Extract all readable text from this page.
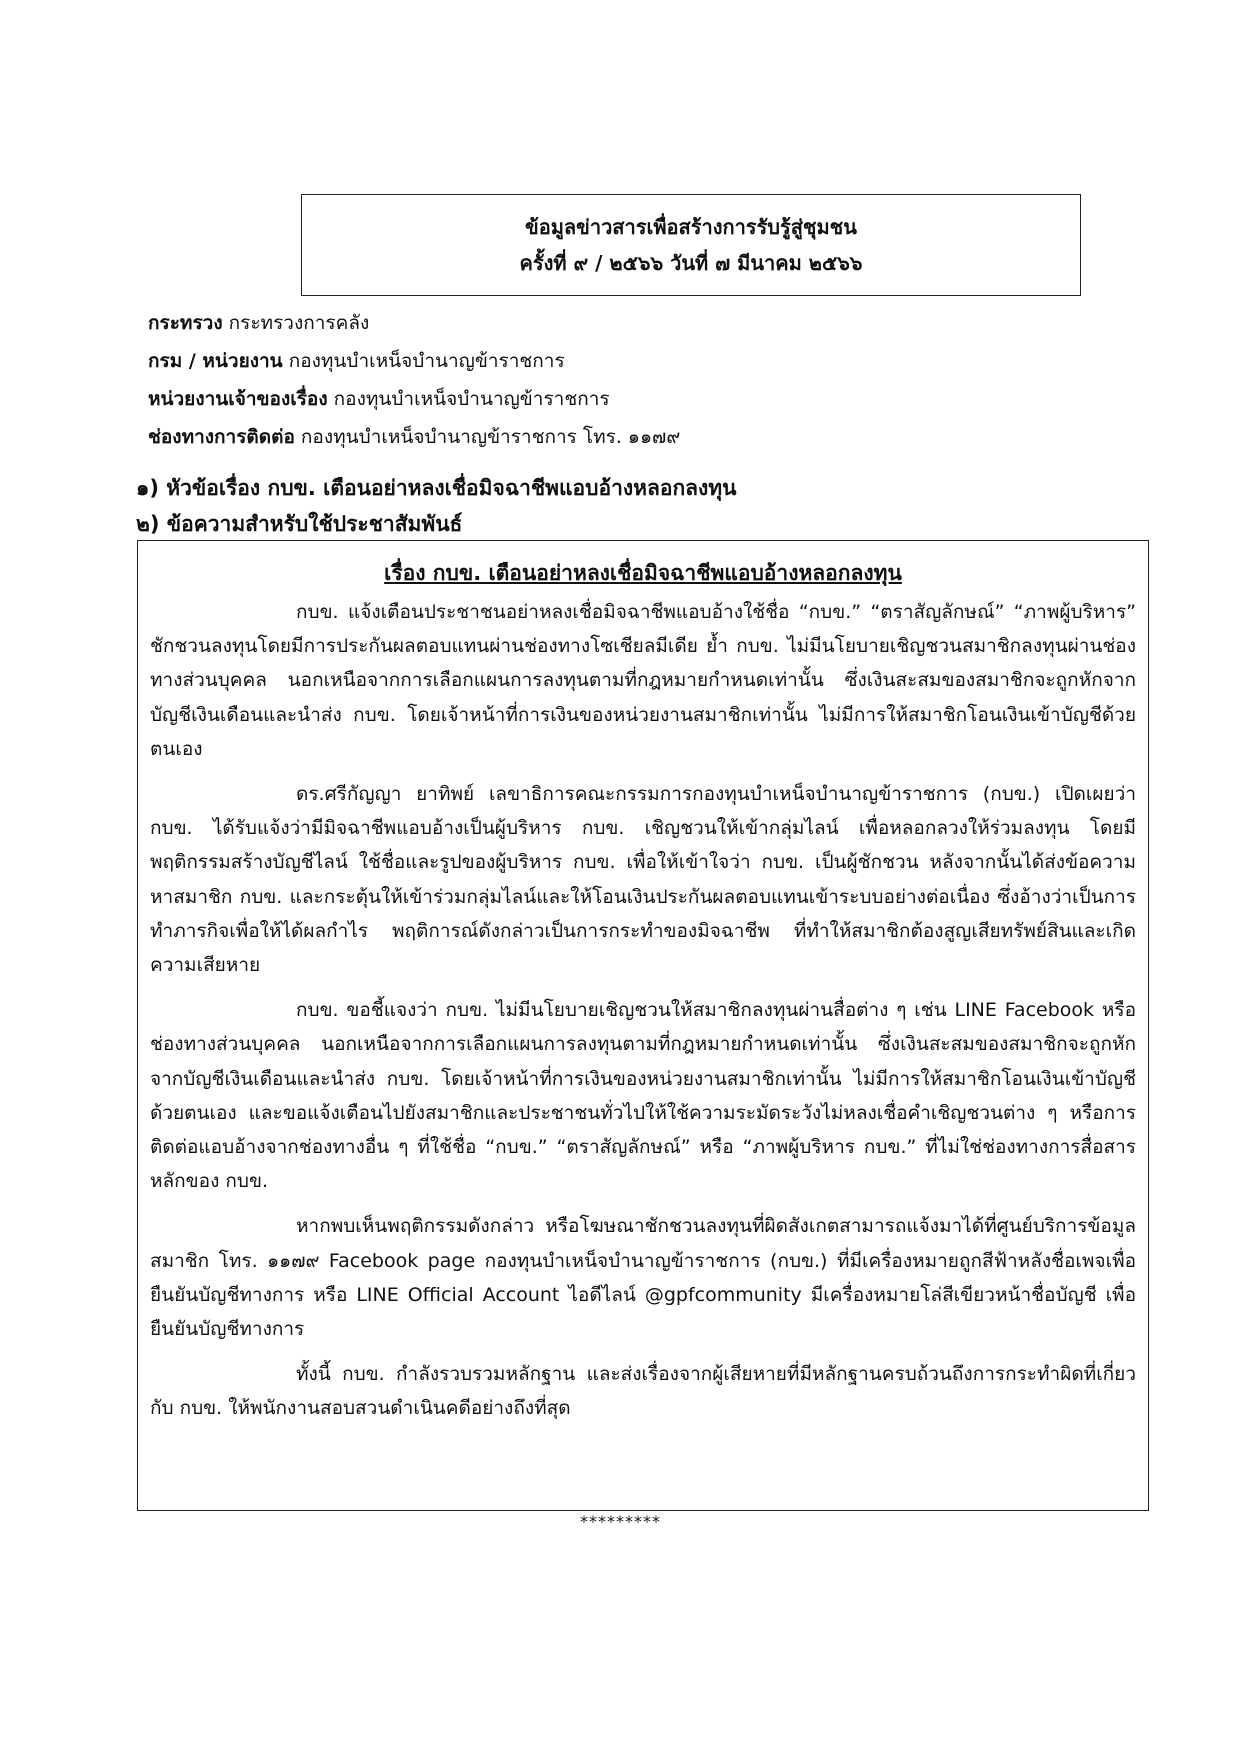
ข้อมูลข่าวสารเพื่อสร้างการรับรู้สู่ชุมชน
ครั้งที่ ๙ / ๒๕๖๖ วันที่ ๗ มีนาคม ๒๕๖๖
กระทรวง กระทรวงการคลัง
กรม / หน่วยงาน กองทุนบำเหน็จบำนาญข้าราชการ
หน่วยงานเจ้าของเรื่อง กองทุนบำเหน็จบำนาญข้าราชการ
ช่องทางการติดต่อ กองทุนบำเหน็จบำนาญข้าราชการ โทร. ๑๑๗๙
๑) หัวข้อเรื่อง กบข. เตือนอย่าหลงเชื่อมิจฉาชีพแอบอ้างหลอกลงทุน
๒) ข้อความสำหรับใช้ประชาสัมพันธ์
เรื่อง กบข. เตือนอย่าหลงเชื่อมิจฉาชีพแอบอ้างหลอกลงทุน

กบข. แจ้งเตือนประชาชนอย่าหลงเชื่อมิจฉาชีพแอบอ้างใช้ชื่อ “กบข.” “ตราสัญลักษณ์” “ภาพผู้บริหาร” ชักชวนลงทุนโดยมีการประกันผลตอบแทนผ่านช่องทางโซเชียลมีเดีย ย้ำ กบข. ไม่มีนโยบายเชิญชวนสมาชิกลงทุนผ่านช่องทางส่วนบุคคล นอกเหนือจากการเลือกแผนการลงทุนตามที่กฎหมายกำหนดเท่านั้น ซึ่งเงินสะสมของสมาชิกจะถูกหักจากบัญชีเงินเดือนและนำส่ง กบข. โดยเจ้าหน้าที่การเงินของหน่วยงานสมาชิกเท่านั้น ไม่มีการให้สมาชิกโอนเงินเข้าบัญชีด้วยตนเอง

ดร.ศรีกัญญา ยาทิพย์ เลขาธิการคณะกรรมการกองทุนบำเหน็จบำนาญข้าราชการ (กบข.) เปิดเผยว่า กบข. ได้รับแจ้งว่ามีมิจฉาชีพแอบอ้างเป็นผู้บริหาร กบข. เชิญชวนให้เข้ากลุ่มไลน์ เพื่อหลอกลวงให้ร่วมลงทุน โดยมีพฤติกรรมสร้างบัญชีไลน์ ใช้ชื่อและรูปของผู้บริหาร กบข. เพื่อให้เข้าใจว่า กบข. เป็นผู้ชักชวน หลังจากนั้นได้ส่งข้อความหาสมาชิก กบข. และกระตุ้นให้เข้าร่วมกลุ่มไลน์และให้โอนเงินประกันผลตอบแทนเข้าระบบอย่างต่อเนื่อง ซึ่งอ้างว่าเป็นการทำภารกิจเพื่อให้ได้ผลกำไร พฤติการณ์ดังกล่าวเป็นการกระทำของมิจฉาชีพ ที่ทำให้สมาชิกต้องสูญเสียทรัพย์สินและเกิดความเสียหาย

กบข. ขอชี้แจงว่า กบข. ไม่มีนโยบายเชิญชวนให้สมาชิกลงทุนผ่านสื่อต่าง ๆ เช่น LINE Facebook หรือช่องทางส่วนบุคคล นอกเหนือจากการเลือกแผนการลงทุนตามที่กฎหมายกำหนดเท่านั้น ซึ่งเงินสะสมของสมาชิกจะถูกหักจากบัญชีเงินเดือนและนำส่ง กบข. โดยเจ้าหน้าที่การเงินของหน่วยงานสมาชิกเท่านั้น ไม่มีการให้สมาชิกโอนเงินเข้าบัญชีด้วยตนเอง และขอแจ้งเตือนไปยังสมาชิกและประชาชนทั่วไปให้ใช้ความระมัดระวังไม่หลงเชื่อคำเชิญชวนต่าง ๆ หรือการติดต่อแอบอ้างจากช่องทางอื่น ๆ ที่ใช้ชื่อ “กบข.” “ตราสัญลักษณ์” หรือ “ภาพผู้บริหาร กบข.” ที่ไม่ใช่ช่องทางการสื่อสารหลักของ กบข.

หากพบเห็นพฤติกรรมดังกล่าว หรือโฆษณาชักชวนลงทุนที่ผิดสังเกตสามารถแจ้งมาได้ที่ศูนย์บริการข้อมูลสมาชิก โทร. ๑๑๗๙ Facebook page กองทุนบำเหน็จบำนาญข้าราชการ (กบข.) ที่มีเครื่องหมายถูกสีฟ้าหลังชื่อเพจเพื่อยืนยันบัญชีทางการ หรือ LINE Official Account ไอดีไลน์ @gpfcommunity มีเครื่องหมายโล่สีเขียวหน้าชื่อบัญชี เพื่อยืนยันบัญชีทางการ

ทั้งนี้ กบข. กำลังรวบรวมหลักฐาน และส่งเรื่องจากผู้เสียหายที่มีหลักฐานครบถ้วนถึงการกระทำผิดที่เกี่ยวกับ กบข. ให้พนักงานสอบสวนดำเนินคดีอย่างถึงที่สุด

*********
